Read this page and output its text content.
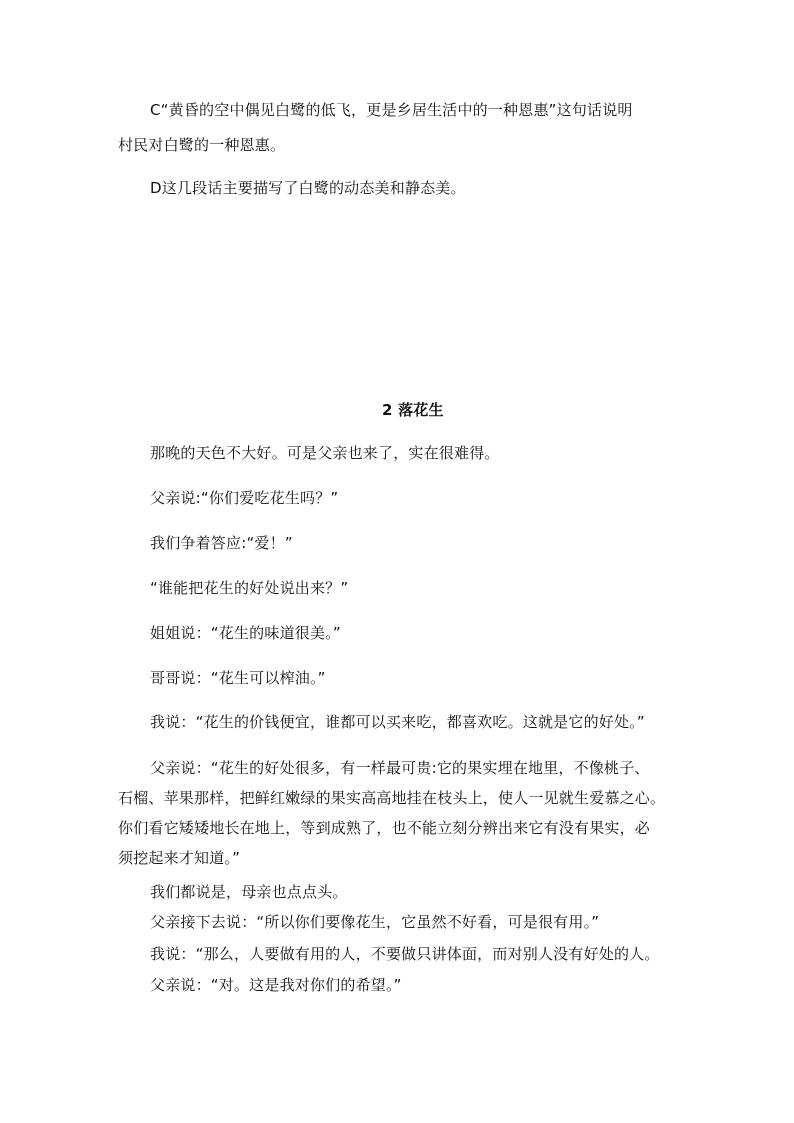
C“黄昏的空中偶见白鹭的低飞，更是乡居生活中的一种恩惠”这句话说明
村民对白鹭的一种恩惠。
D这几段话主要描写了白鹭的动态美和静态美。
2 落花生
那晚的天色不大好。可是父亲也来了，实在很难得。
父亲说:“你们爱吃花生吗？”
我们争着答应:“爱！”
“谁能把花生的好处说出来？”
姐姐说：“花生的味道很美。”
哥哥说：“花生可以榨油。”
我说：“花生的价钱便宜，谁都可以买来吃，都喜欢吃。这就是它的好处。”
父亲说：“花生的好处很多，有一样最可贵:它的果实埋在地里，不像桃子、
石榴、苹果那样，把鲜红嫩绿的果实高高地挂在枝头上，使人一见就生爱慕之心。
你们看它矮矮地长在地上，等到成熟了，也不能立刻分辨出来它有没有果实，必
须挖起来才知道。”
我们都说是，母亲也点点头。
父亲接下去说：“所以你们要像花生，它虽然不好看，可是很有用。”
我说：“那么，人要做有用的人，不要做只讲体面，而对别人没有好处的人。
父亲说：“对。这是我对你们的希望。”
